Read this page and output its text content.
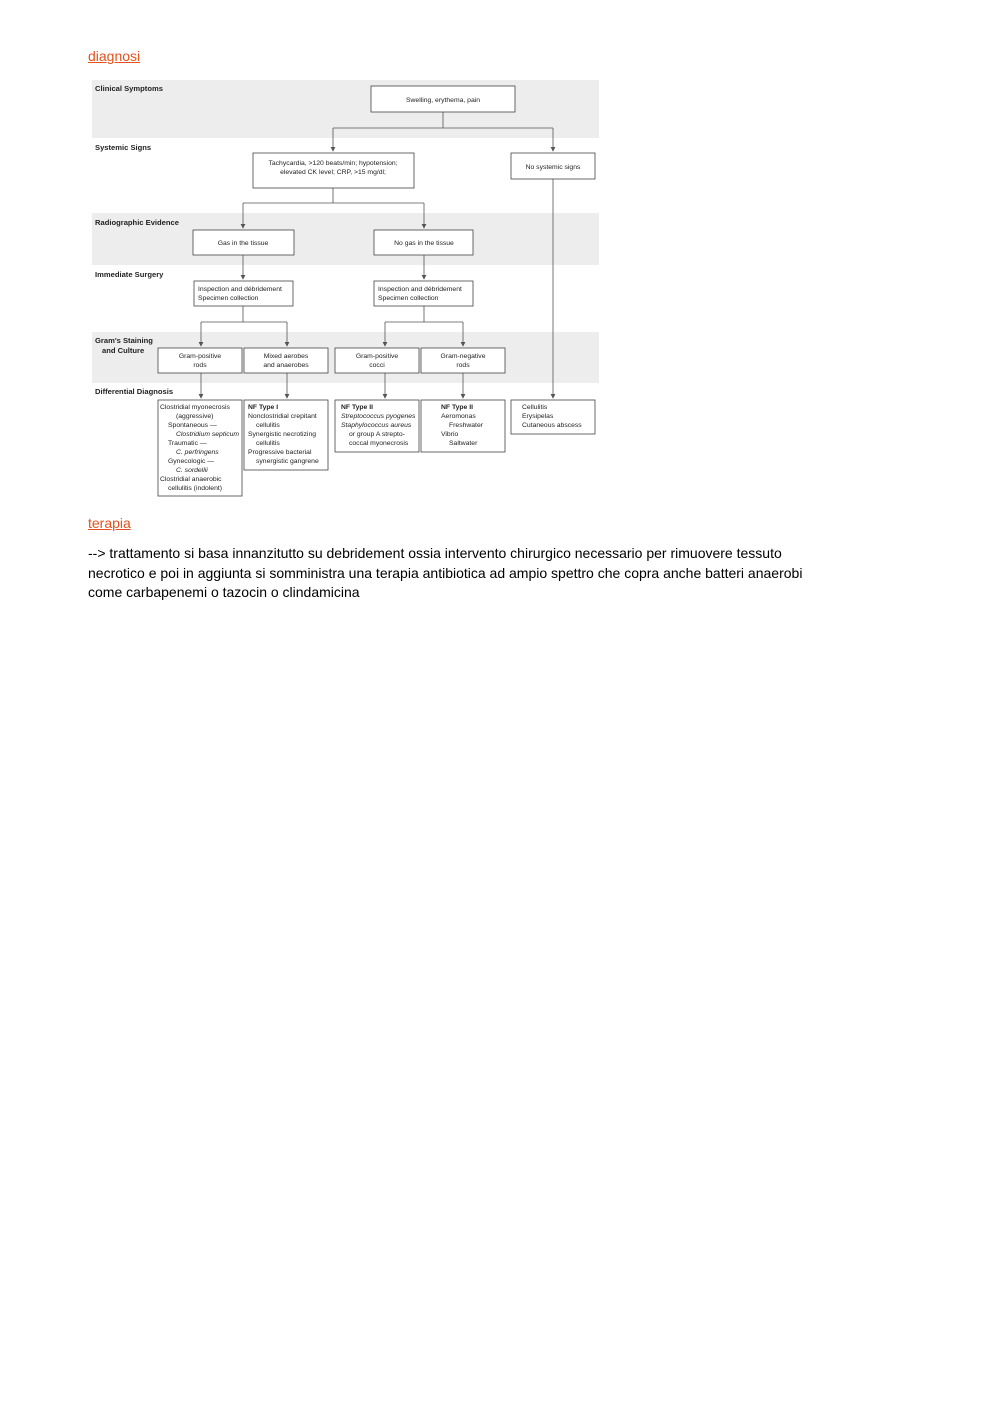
diagnosi
Clinical Symptoms
Systemic Signs
Radiographic Evidence
Immediate Surgery
Gram's Staining
and Culture
Differential Diagnosis
Swelling, erythema, pain
Tachycardia, >120 beats/min; hypotension;
elevated CK level; CRP, >15 mg/dl;
No systemic signs
Gas in the tissue	No gas in the tissue
Inspection and débridement
Specimen collection
Inspection and débridement
Specimen collection
Gram-positive
rods
Mixed aerobes
and anaerobes
Gram-positive
cocci
Gram-negative
rods
Clostridial myonecrosis
(aggressive)
Spontaneous —
Clostridium septicum
Traumatic —
C. perfringens
Gynecologic —
C. sordellii
Clostridial anaerobic
cellulitis (indolent)
NF Type I
Nonclostridial crepitant
cellulitis
Synergistic necrotizing
cellulitis
Progressive bacterial
synergistic gangrene
NF Type II
Streptococcus pyogenes
Staphylococcus aureus
or group A strepto-
coccal myonecrosis
NF Type II
Aeromonas
Freshwater
Vibrio
Saltwater
Cellulitis
Erysipelas
Cutaneous abscess
terapia

--> trattamento si basa innanzitutto su debridement ossia intervento chirurgico necessario per rimuovere tessuto
necrotico e poi in aggiunta si somministra una terapia antibiotica ad ampio spettro che copra anche batteri anaerobi
come carbapenemi o tazocin o clindamicina
